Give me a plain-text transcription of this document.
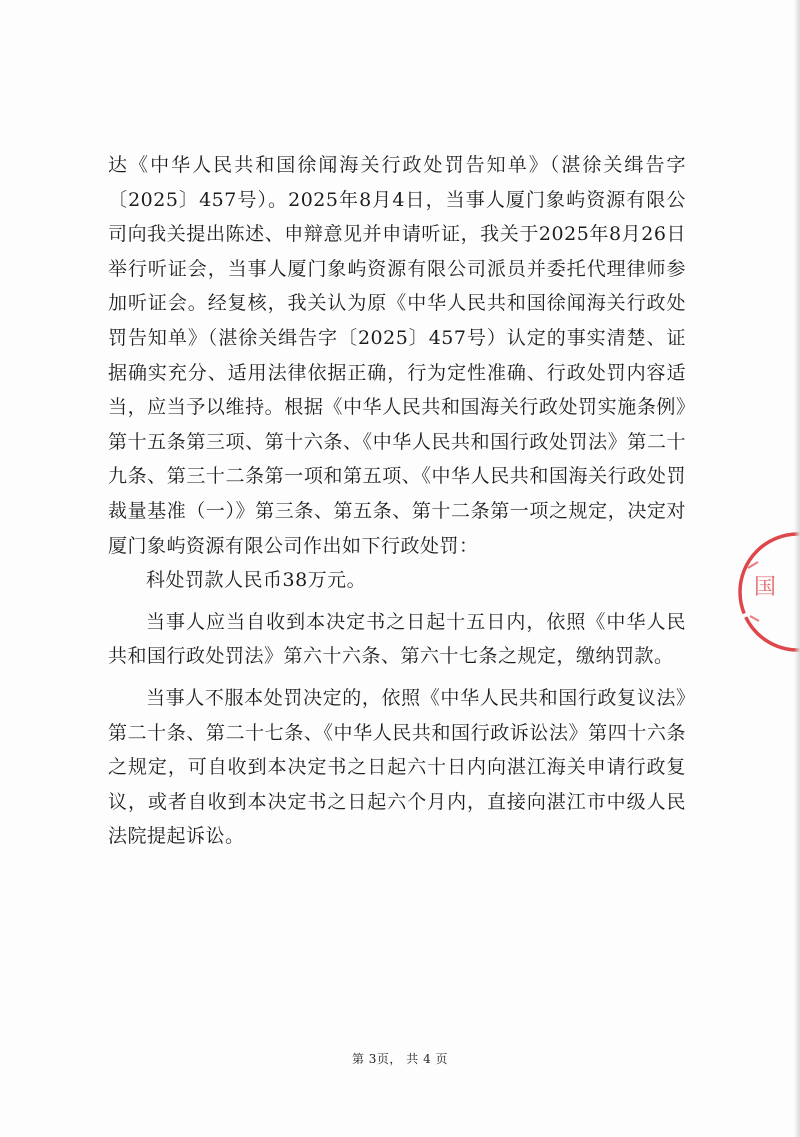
达《中华人民共和国徐闻海关行政处罚告知单》（湛徐关缉告字〔2025〕457号）。2025年8月4日，当事人厦门象屿资源有限公司向我关提出陈述、申辩意见并申请听证，我关于2025年8月26日举行听证会，当事人厦门象屿资源有限公司派员并委托代理律师参加听证会。经复核，我关认为原《中华人民共和国徐闻海关行政处罚告知单》（湛徐关缉告字〔2025〕457号）认定的事实清楚、证据确实充分、适用法律依据正确，行为定性准确、行政处罚内容适当，应当予以维持。根据《中华人民共和国海关行政处罚实施条例》第十五条第三项、第十六条、《中华人民共和国行政处罚法》第二十九条、第三十二条第一项和第五项、《中华人民共和国海关行政处罚裁量基准（一）》第三条、第五条、第十二条第一项之规定，决定对厦门象屿资源有限公司作出如下行政处罚：

科处罚款人民币38万元。

当事人应当自收到本决定书之日起十五日内，依照《中华人民共和国行政处罚法》第六十六条、第六十七条之规定，缴纳罚款。

当事人不服本处罚决定的，依照《中华人民共和国行政复议法》第二十条、第二十七条、《中华人民共和国行政诉讼法》第四十六条之规定，可自收到本决定书之日起六十日内向湛江海关申请行政复议，或者自收到本决定书之日起六个月内，直接向湛江市中级人民法院提起诉讼。

国
第 3页， 共 4 页
